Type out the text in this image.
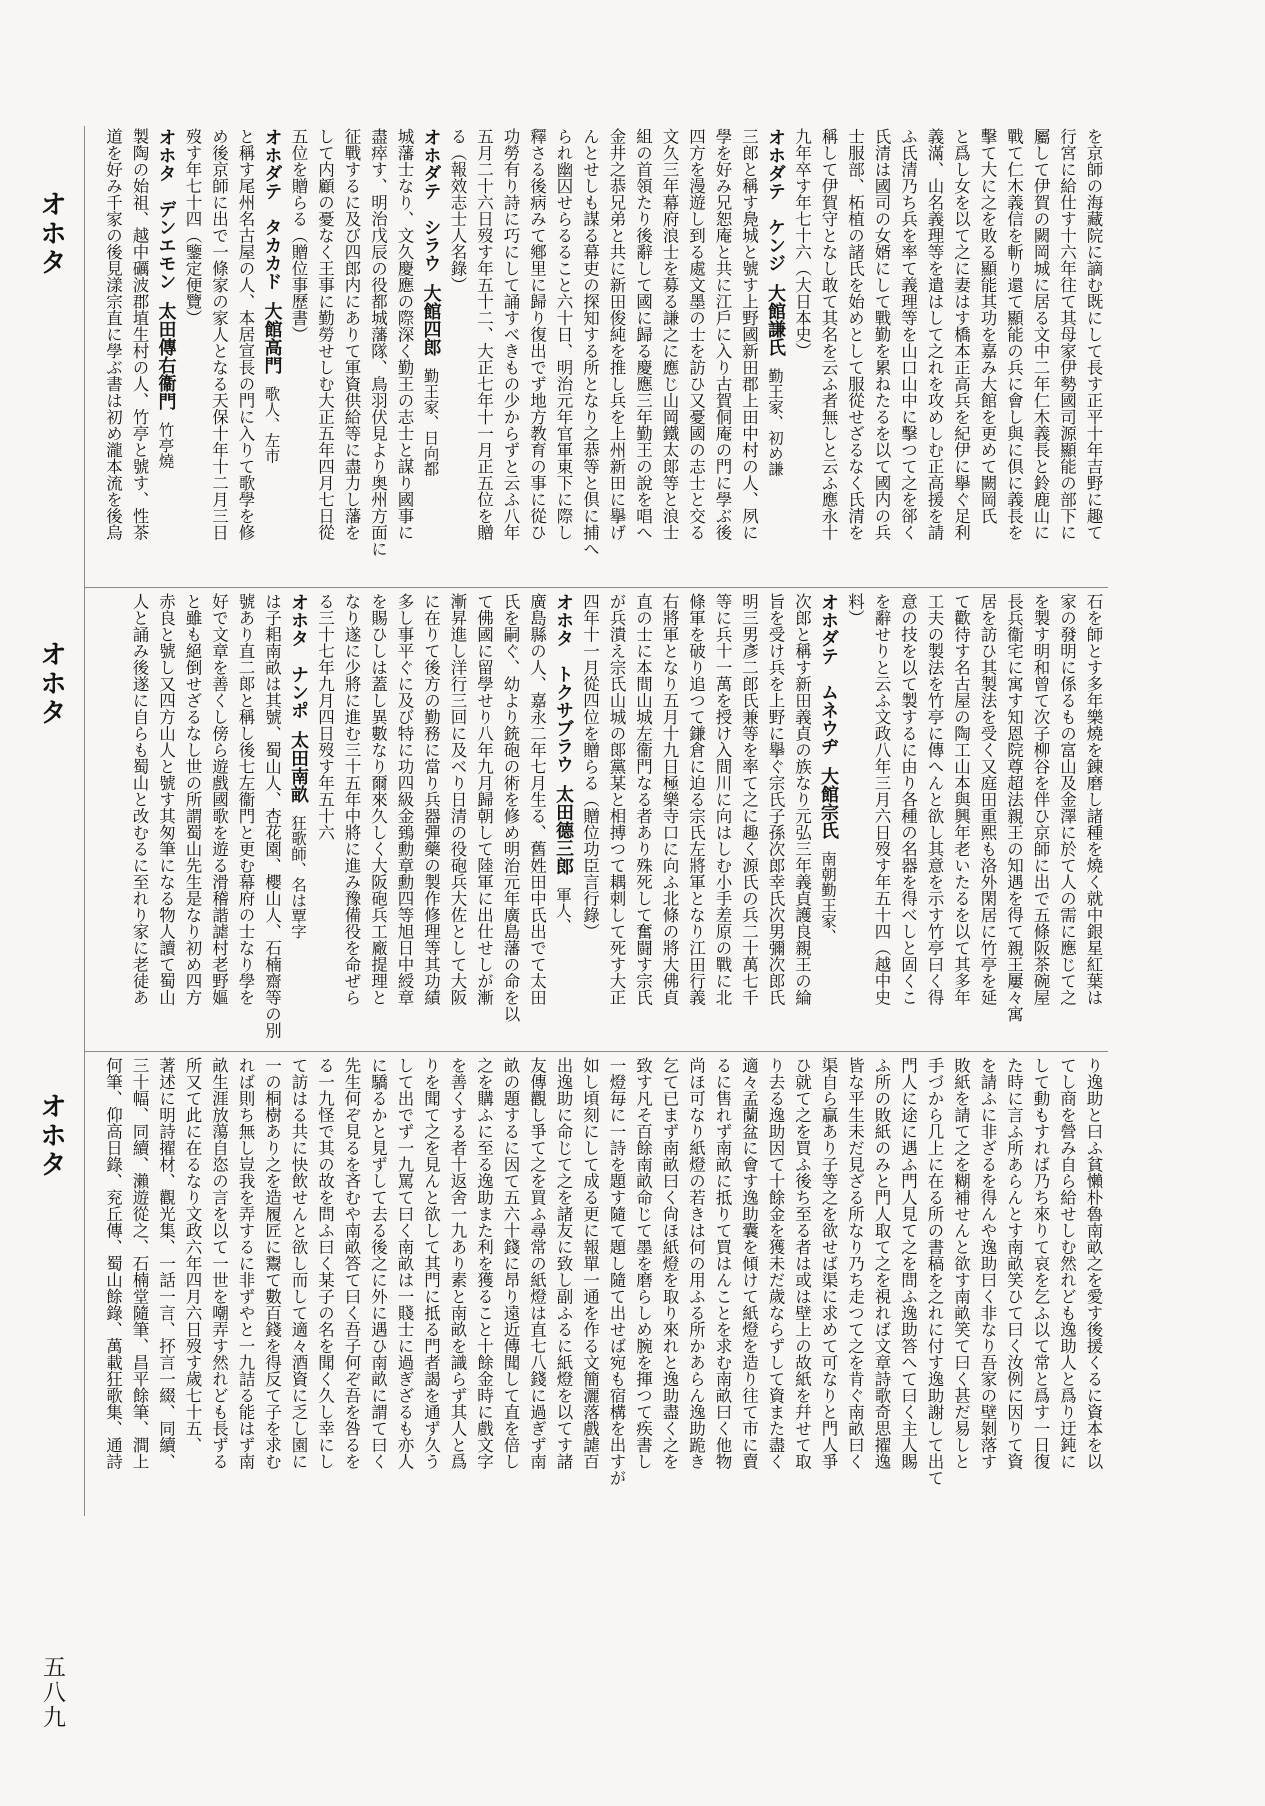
オホタ
オホタ
オホタ
五八九
を京師の海藏院に謫む既にして長す正平十年吉野に趣て
行宮に給仕す十六年往て其母家伊勢國司源顯能の部下に
屬して伊賀の闕岡城に居る文中二年仁木義長と鈴鹿山に
戰て仁木義信を斬り還て顯能の兵に會し與に倶に義長を
擊て大に之を敗る顯能其功を嘉み大館を更めて闕岡氏
と爲し女を以て之に妻はす橋本正高兵を紀伊に擧ぐ足利
義滿、山名義理等を遣はして之れを攻めしむ正高援を請
ふ氏清乃ち兵を率て義理等を山口山中に擊つて之を郤く
氏清は國司の女婿にして戰勤を累ねたるを以て國内の兵
士服部、柘植の諸氏を始めとして服從せざるなく氏清を
稱して伊賀守となし敢て其名を云ふ者無しと云ふ應永十
九年卒す年七十六（大日本史）
オホダテ　ケンジ大館謙氏勤王家、初め謙
三郎と稱す鳧城と號す上野國新田郡上田中村の人、夙に
學を好み兄恕庵と共に江戶に入り古賀侗庵の門に學ぶ後
四方を漫遊し到る處文墨の士を訪ひ又憂國の志士と交る
文久三年幕府浪士を募る謙之に應じ山岡鐵太郞等と浪士
組の首領たり後辭して國に歸る慶應三年勤王の說を唱へ
金井之恭兄弟と共に新田俊純を推し兵を上州新田に擧げ
んとせしも謀る幕吏の探知する所となり之恭等と倶に捕へ
られ幽囚せらるること六十日、明治元年官軍東下に際し
釋さる後病みて鄕里に歸り復出でず地方教育の事に從ひ
功勞有り詩に巧にして誦すべきもの少からずと云ふ八年
五月二十六日歿す年五十二、大正七年十一月正五位を贈
る（報效志士人名錄）
オホダテ　シラウ大館四郎勤王家、日向都
城藩士なり、文久慶應の際深く勤王の志士と謀り國事に
盡瘁す、明治戊辰の役都城藩隊、鳥羽伏見より奥州方面に
征戰するに及び四郎内にありて軍資供給等に盡力し藩を
して内顧の憂なく王事に勤勞せしむ大正五年四月七日從
五位を贈らる（贈位事歷書）
オホダテ　タカカド大館高門歌人、左市
と稱す尾州名古屋の人、本居宣長の門に入りて歌學を修
め後京師に出で一條家の家人となる天保十年十二月三日
歿す年七十四（鑒定便覽）
オホタ　デンエモン太田傳右衞門竹亭燒
製陶の始祖、越中礪波郡埴生村の人、竹亭と號す、性茶
道を好み千家の後見漾宗直に學ぶ書は初め瀧本流を後烏
石を師とす多年樂燒を錬磨し諸種を燒く就中銀星紅葉は
家の發明に係るもの富山及金澤に於て人の需に應じて之
を製す明和曾て次子柳谷を伴ひ京師に出で五條阪茶碗屋
長兵衞宅に寓す知恩院尊超法親王の知遇を得て親王屢々寓
居を訪ひ其製法を受く又庭田重熙も洛外閑居に竹亭を延
て歡待す名古屋の陶工山本與興年老いたるを以て其多年
工夫の製法を竹亭に傳へんと欲し其意を示す竹亭曰く得
意の技を以て製するに由り各種の名器を得べしと固くこ
を辭せりと云ふ文政八年三月六日歿す年五十四（越中史
料）
オホダテ　ムネウヂ大館宗氏南朝勤王家、
次郎と稱す新田義貞の族なり元弘三年義貞護良親王の綸
旨を受け兵を上野に擧ぐ宗氏子孫次郎幸氏次男彌次郎氏
明三男彥二郎氏兼等を率て之に趣く源氏の兵二十萬七千
等に兵十一萬を授け入間川に向はしむ小手差原の戰に北
條軍を破り追つて鎌倉に迫る宗氏左將軍となり江田行義
右將軍となり五月十九日極樂寺口に向ふ北條の將大佛貞
直の士に本間山城左衞門なる者あり殊死して奮闘す宗氏
が兵潰え宗氏山城の郞黨某と相搏つて耦刺して死す大正
四年十一月從四位を贈らる（贈位功臣言行錄）
オホタ　トクサブラウ太田德三郎軍人、
廣島縣の人、嘉永二年七月生る、舊姓田中氏出でて太田
氏を嗣ぐ、幼より銃砲の術を修め明治元年廣島藩の命を以
て佛國に留學せり八年九月歸朝して陸軍に出仕せしが漸
漸昇進し洋行三回に及べり日清の役砲兵大佐として大阪
に在りて後方の勤務に當り兵器彈藥の製作修理等其功績
多し事平ぐに及び特に功四級金鵄勳章勳四等旭日中綬章
を賜ひしは蓋し異數なり爾來久しく大阪砲兵工廠提理と
なり遂に少將に進む三十五年中將に進み豫備役を命ぜら
る三十七年九月四日歿す年五十六
オホタ　ナンポ太田南畝狂歌師、名は覃字
は子耜南畝は其號、蜀山人、杏花園、櫻山人、石楠齋等の別
號あり直二郞と稱し後七左衞門と更む幕府の士なり學を
好で文章を善くし傍ら遊戲國歌を遊る滑稽諧謔村老野嫗
と雖も絕倒せざるなし世の所謂蜀山先生是なり初め四方
赤良と號し又四方山人と號す其匆筆になる物人讀て蜀山
人と誦み後遂に自らも蜀山と改むるに至れり家に老徒あ
り逸助と曰ふ貧懶朴魯南畝之を愛す後援くるに資本を以
てし商を營み自ら給せしむ然れども逸助人と爲り迂鈍に
して動もすれば乃ち來りて哀を乞ふ以て常と爲す一日復
た時に言ふ所あらんとす南畝笑ひて曰く汝例に因りて資
を請ふに非ざるを得んや逸助曰く非なり吾家の壁剝落す
敗紙を請て之を糊補せんと欲す南畝笑て曰く甚だ易しと
手づから几上に在る所の書稿を之れに付す逸助謝して出て
門人に途に遇ふ門人見て之を問ふ逸助答へて曰く主人賜
ふ所の敗紙のみと門人取て之を視れば文章詩歌奇思擢逸
皆な平生未だ見ざる所なり乃ち走つて之を肯ぐ南畝曰く
渠自ら贏あり子等之を欲せば渠に求めて可なりと門人爭
ひ就て之を買ふ後ち至る者は或は壁上の故紙を幷せて取
り去る逸助因て十餘金を獲未だ歲ならずして資また盡く
適々孟蘭盆に會す逸助囊を傾けて紙燈を造り往て市に賣
るに售れず南畝に抵りて買はんことを求む南畝曰く他物
尚ほ可なり紙燈の若きは何の用ふる所かあらん逸助跪き
乞て已まず南畝曰く尙ほ紙燈を取り來れと逸助盡く之を
致す凡そ百餘南畝命じて墨を磨らしめ腕を揮つて疾書し
一燈毎に一詩を題す隨て題し隨て出せば宛も宿構を出すが
如し頃刻にして成る更に報單一通を作る文簡灑落戲謔百
出逸助に命じて之を諸友に致し副ふるに紙燈を以てす諸
友傳觀し爭て之を買ふ尋常の紙燈は直七八錢に過ぎず南
畝の題するに因て五六十錢に昂り遠近傳聞して直を倍し
之を購ふに至る逸助また利を獲ること十餘金時に戲文字
を善くする者十返舍一九あり素と南畝を識らず其人と爲
りを聞て之を見んと欲して其門に抵る門者謁を通ず久う
して出でず一九罵て曰く南畝は一賤士に過ぎざるも亦人
に驕るかと見ずして去る後之に外に遇ひ南畝に謂て曰く
先生何ぞ見るを吝むや南畝答て曰く吾子何ぞ吾を咎るを
る一九怪で其の故を問ふ曰く某子の名を聞く久し幸にし
て訪はる共に快飲せんと欲し而して適々酒資に乏し園に
一の桐樹あり之を造履匠に鬻て數百錢を得反て子を求む
れば則ち無し豈我を弄するに非ずやと一九詰る能はず南
畝生涯放蕩自恣の言を以て一世を嘲弄す然れども長ずる
所又て此に在るなり文政六年四月六日歿す歲七十五、
著述に明詩擢材、觀光集、一話一言、抔言一綴、同續、
三十幅、同續、瀨遊從之、石楠堂隨筆、昌平餘筆、澗上
何筆、仰高日錄、兖丘傳、蜀山餘錄、萬載狂歌集、通詩
